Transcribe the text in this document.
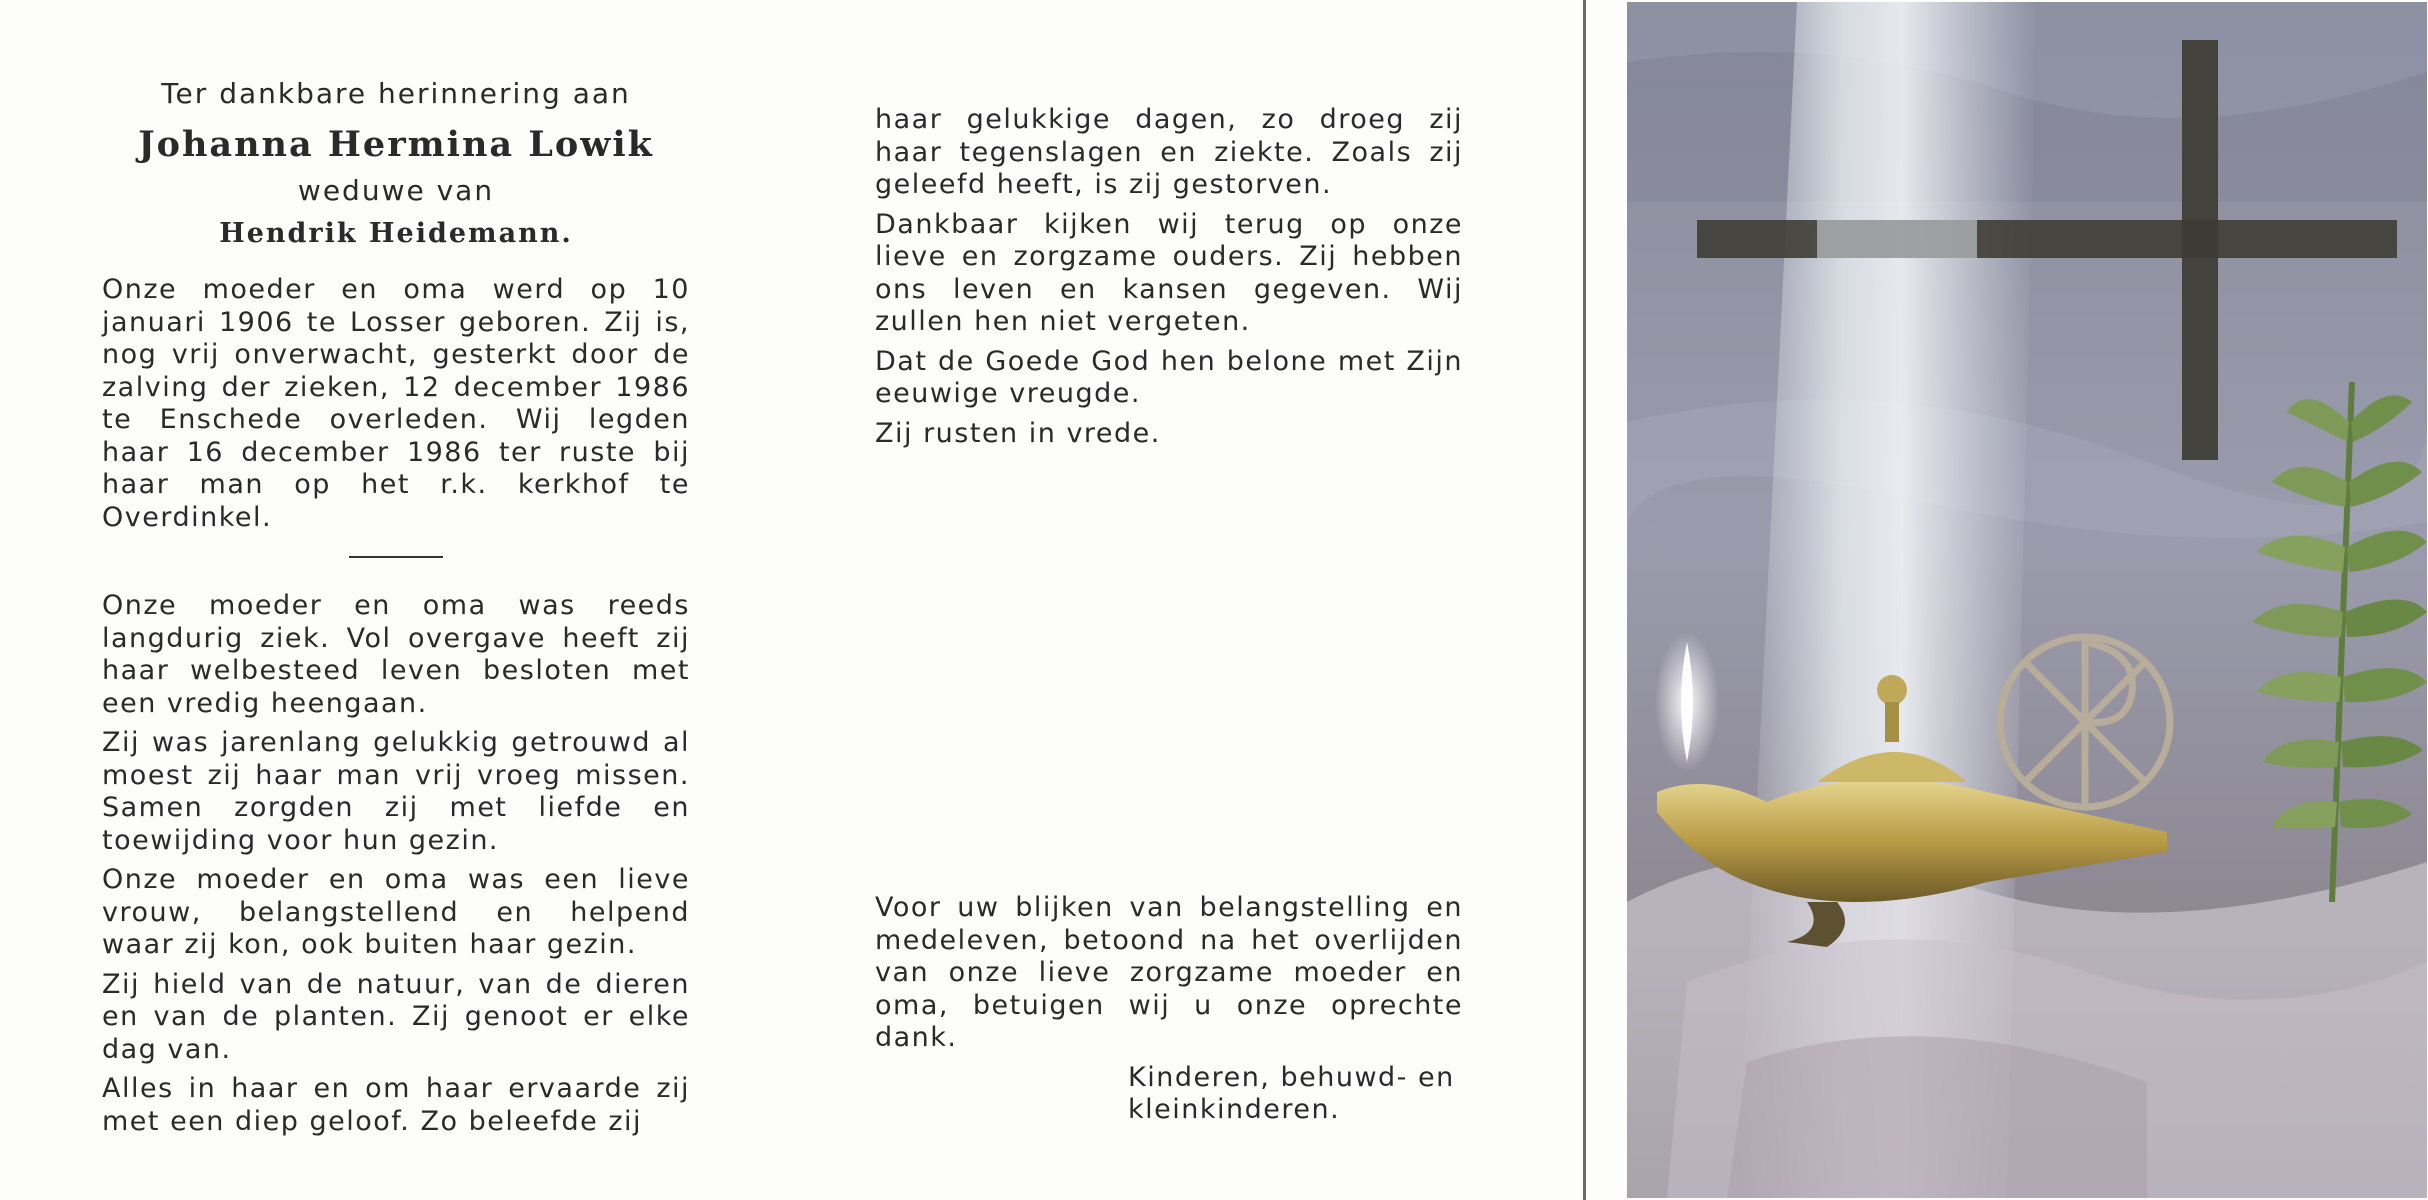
Ter dankbare herinnering aan
Johanna Hermina Lowik
weduwe van
Hendrik Heidemann.

Onze moeder en oma werd op 10 januari 1906 te Losser geboren. Zij is, nog vrij onverwacht, gesterkt door de zalving der zieken, 12 december 1986 te Enschede overleden. Wij legden haar 16 december 1986 ter ruste bij haar man op het r.k. kerkhof te Overdinkel.

Onze moeder en oma was reeds langdurig ziek. Vol overgave heeft zij haar welbesteed leven besloten met een vredig heengaan.

Zij was jarenlang gelukkig getrouwd al moest zij haar man vrij vroeg missen. Samen zorgden zij met liefde en toewijding voor hun gezin.

Onze moeder en oma was een lieve vrouw, belangstellend en helpend waar zij kon, ook buiten haar gezin.

Zij hield van de natuur, van de dieren en van de planten. Zij genoot er elke dag van.

Alles in haar en om haar ervaarde zij met een diep geloof. Zo beleefde zij

haar gelukkige dagen, zo droeg zij haar tegenslagen en ziekte. Zoals zij geleefd heeft, is zij gestorven.

Dankbaar kijken wij terug op onze lieve en zorgzame ouders. Zij hebben ons leven en kansen gegeven. Wij zullen hen niet vergeten.

Dat de Goede God hen belone met Zijn eeuwige vreugde.

Zij rusten in vrede.

Voor uw blijken van belangstelling en medeleven, betoond na het overlijden van onze lieve zorgzame moeder en oma, betuigen wij u onze oprechte dank.

Kinderen, behuwd- en
kleinkinderen.
